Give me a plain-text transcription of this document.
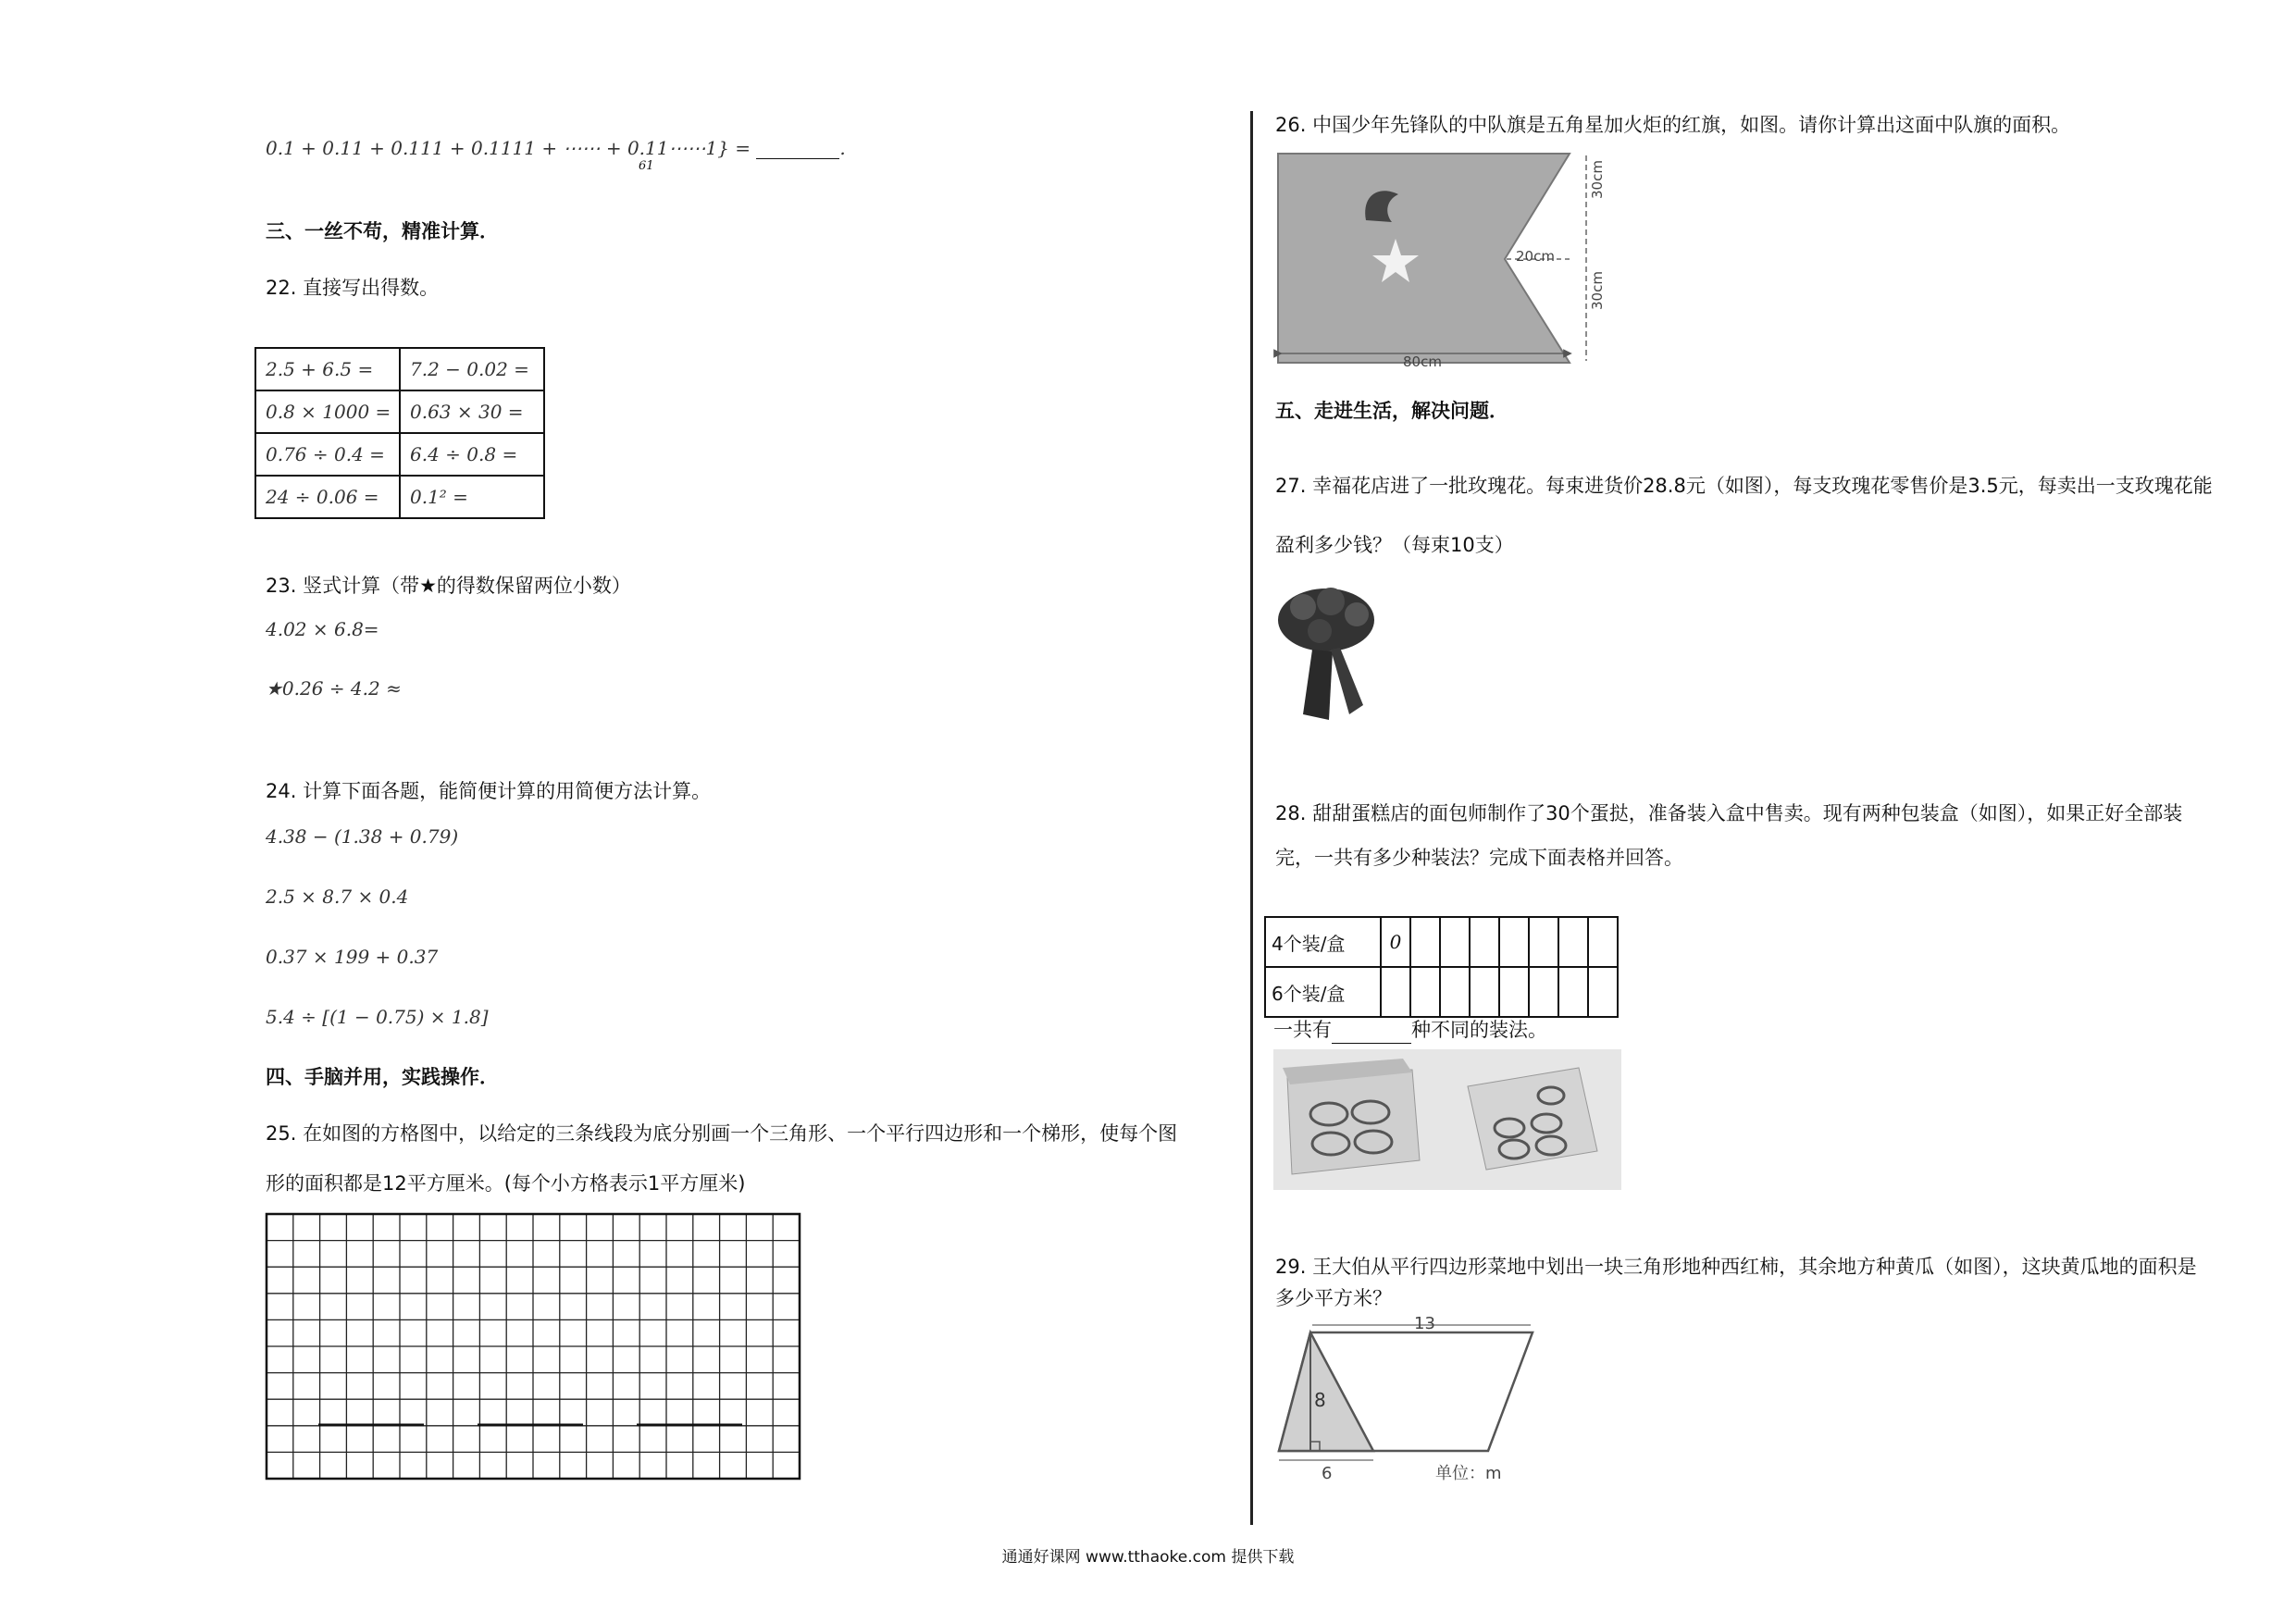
0.1 + 0.11 + 0.111 + 0.1111 + ⋯⋯ + 0.11⋯⋯1} =	.
61
三、一丝不苟，精准计算．
22. 直接写出得数。
2.5 + 6.5 =	7.2 − 0.02 =
0.8 × 1000 =	0.63 × 30 =
0.76 ÷ 0.4 =	6.4 ÷ 0.8 =
24 ÷ 0.06 =	0.1² =
23. 竖式计算（带★的得数保留两位小数）
4.02 × 6.8=
★0.26 ÷ 4.2 ≈
24. 计算下面各题，能简便计算的用简便方法计算。
4.38 − (1.38 + 0.79)
2.5 × 8.7 × 0.4
0.37 × 199 + 0.37
5.4 ÷ [(1 − 0.75) × 1.8]
四、手脑并用，实践操作．
25. 在如图的方格图中，以给定的三条线段为底分别画一个三角形、一个平行四边形和一个梯形，使每个图
形的面积都是12平方厘米。(每个小方格表示1平方厘米)
26. 中国少年先锋队的中队旗是五角星加火炬的红旗，如图。请你计算出这面中队旗的面积。
30cm
30cm
20cm
80cm
五、走进生活，解决问题．
27. 幸福花店进了一批玫瑰花。每束进货价28.8元（如图），每支玫瑰花零售价是3.5元，每卖出一支玫瑰花能
盈利多少钱？（每束10支）
28. 甜甜蛋糕店的面包师制作了30个蛋挞，准备装入盒中售卖。现有两种包装盒（如图），如果正好全部装
完，一共有多少种装法？完成下面表格并回答。
4个装/盒	0							
6个装/盒								
一共有	种不同的装法。
29. 王大伯从平行四边形菜地中划出一块三角形地种西红柿，其余地方种黄瓜（如图），这块黄瓜地的面积是
多少平方米？
13
8
6	单位：m
通通好课网 www.tthaoke.com 提供下载
